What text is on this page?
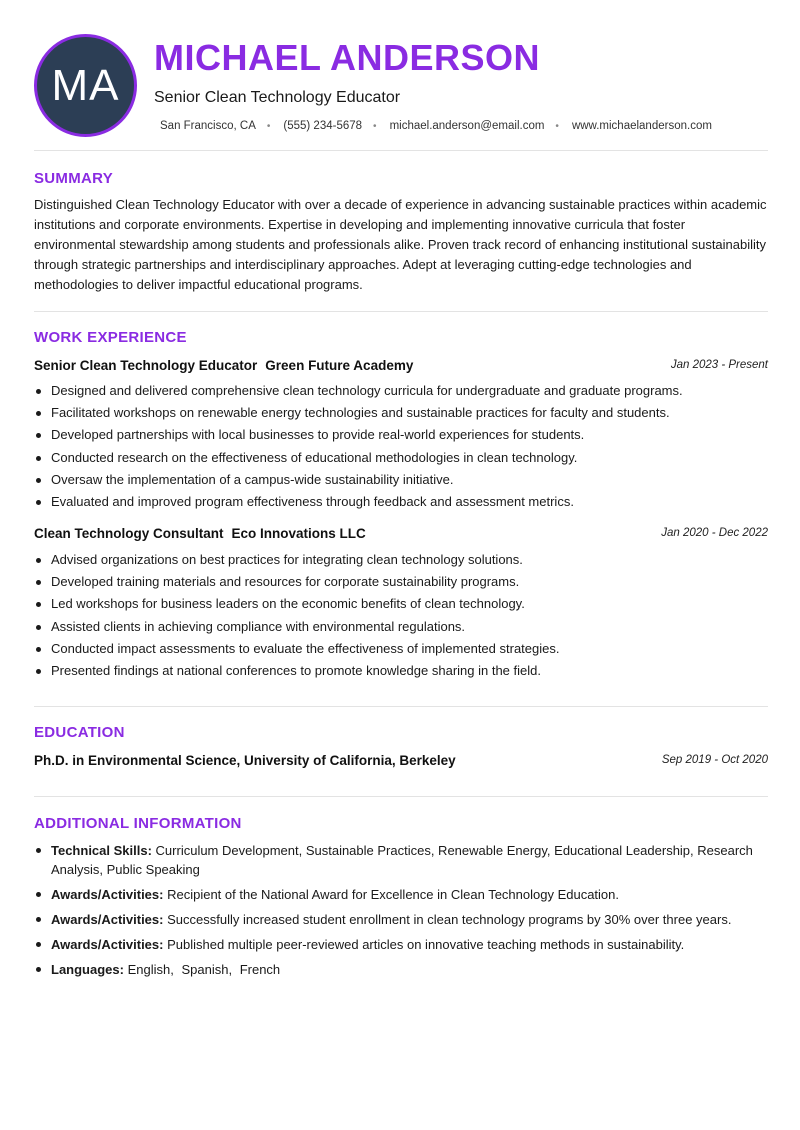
MA
MICHAEL ANDERSON
Senior Clean Technology Educator
San Francisco, CA • (555) 234-5678 • michael.anderson@email.com • www.michaelanderson.com
SUMMARY

Distinguished Clean Technology Educator with over a decade of experience in advancing sustainable practices within academic institutions and corporate environments. Expertise in developing and implementing innovative curricula that foster environmental stewardship among students and professionals alike. Proven track record of enhancing institutional sustainability through strategic partnerships and interdisciplinary approaches. Adept at leveraging cutting-edge technologies and methodologies to deliver impactful educational programs.

WORK EXPERIENCE
Senior Clean Technology Educator Green Future Academy	Jan 2023 - Present
Designed and delivered comprehensive clean technology curricula for undergraduate and graduate programs.
Facilitated workshops on renewable energy technologies and sustainable practices for faculty and students.
Developed partnerships with local businesses to provide real-world experiences for students.
Conducted research on the effectiveness of educational methodologies in clean technology.
Oversaw the implementation of a campus-wide sustainability initiative.
Evaluated and improved program effectiveness through feedback and assessment metrics.
Clean Technology Consultant Eco Innovations LLC	Jan 2020 - Dec 2022
Advised organizations on best practices for integrating clean technology solutions.
Developed training materials and resources for corporate sustainability programs.
Led workshops for business leaders on the economic benefits of clean technology.
Assisted clients in achieving compliance with environmental regulations.
Conducted impact assessments to evaluate the effectiveness of implemented strategies.
Presented findings at national conferences to promote knowledge sharing in the field.
EDUCATION
Ph.D. in Environmental Science, University of California, Berkeley	Sep 2019 - Oct 2020
ADDITIONAL INFORMATION
Technical Skills: Curriculum Development, Sustainable Practices, Renewable Energy, Educational Leadership, Research Analysis, Public Speaking
Awards/Activities: Recipient of the National Award for Excellence in Clean Technology Education.
Awards/Activities: Successfully increased student enrollment in clean technology programs by 30% over three years.
Awards/Activities: Published multiple peer-reviewed articles on innovative teaching methods in sustainability.
Languages: English, Spanish, French
